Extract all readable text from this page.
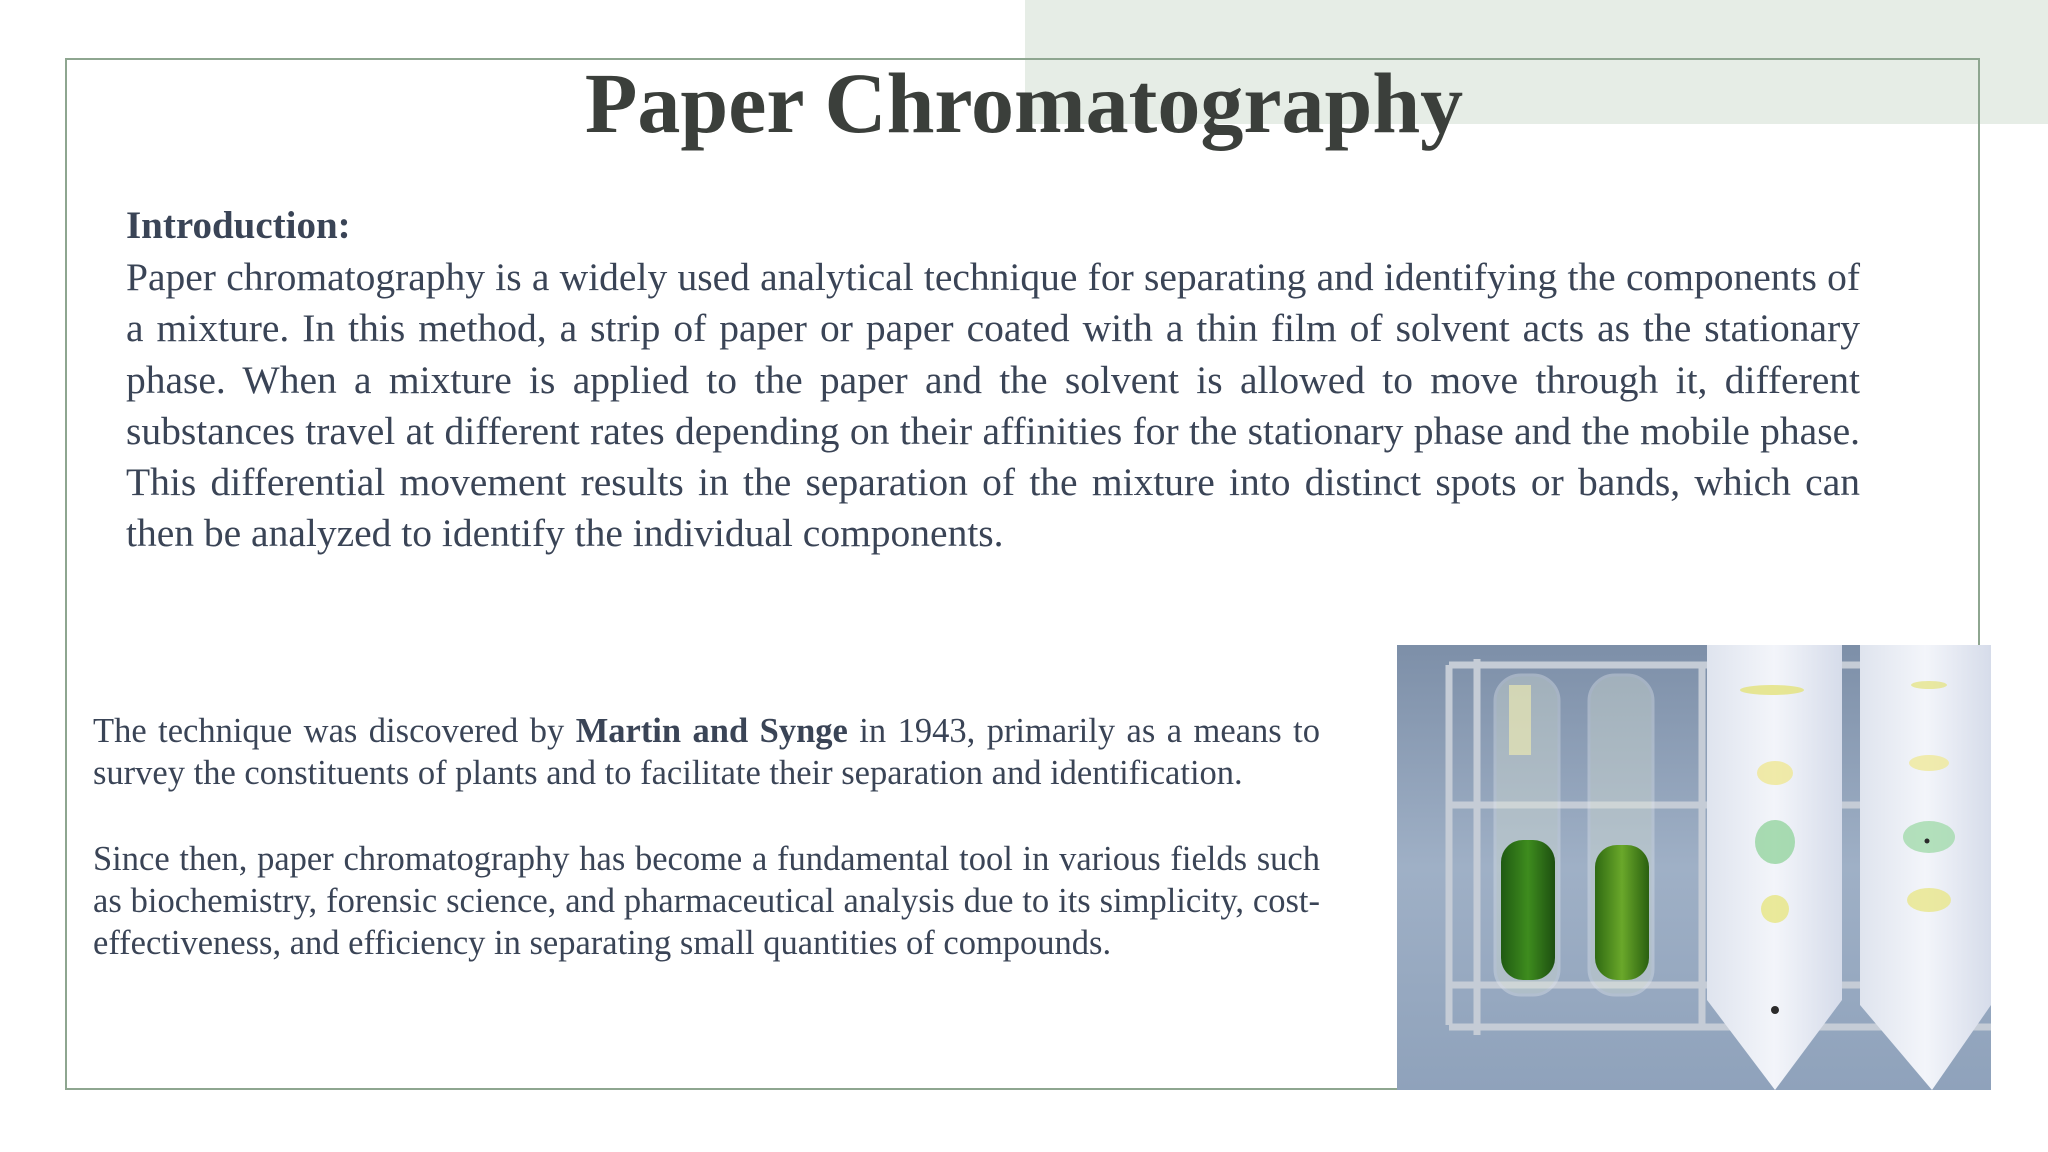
Paper Chromatography

Introduction:

Paper chromatography is a widely used analytical technique for separating and identifying the components of a mixture. In this method, a strip of paper or paper coated with a thin film of solvent acts as the stationary phase. When a mixture is applied to the paper and the solvent is allowed to move through it, different substances travel at different rates depending on their affinities for the stationary phase and the mobile phase. This differential movement results in the separation of the mixture into distinct spots or bands, which can then be analyzed to identify the individual components.

The technique was discovered by Martin and Synge in 1943, primarily as a means to survey the constituents of plants and to facilitate their separation and identification.

Since then, paper chromatography has become a fundamental tool in various fields such as biochemistry, forensic science, and pharmaceutical analysis due to its simplicity, cost-effectiveness, and efficiency in separating small quantities of compounds.
